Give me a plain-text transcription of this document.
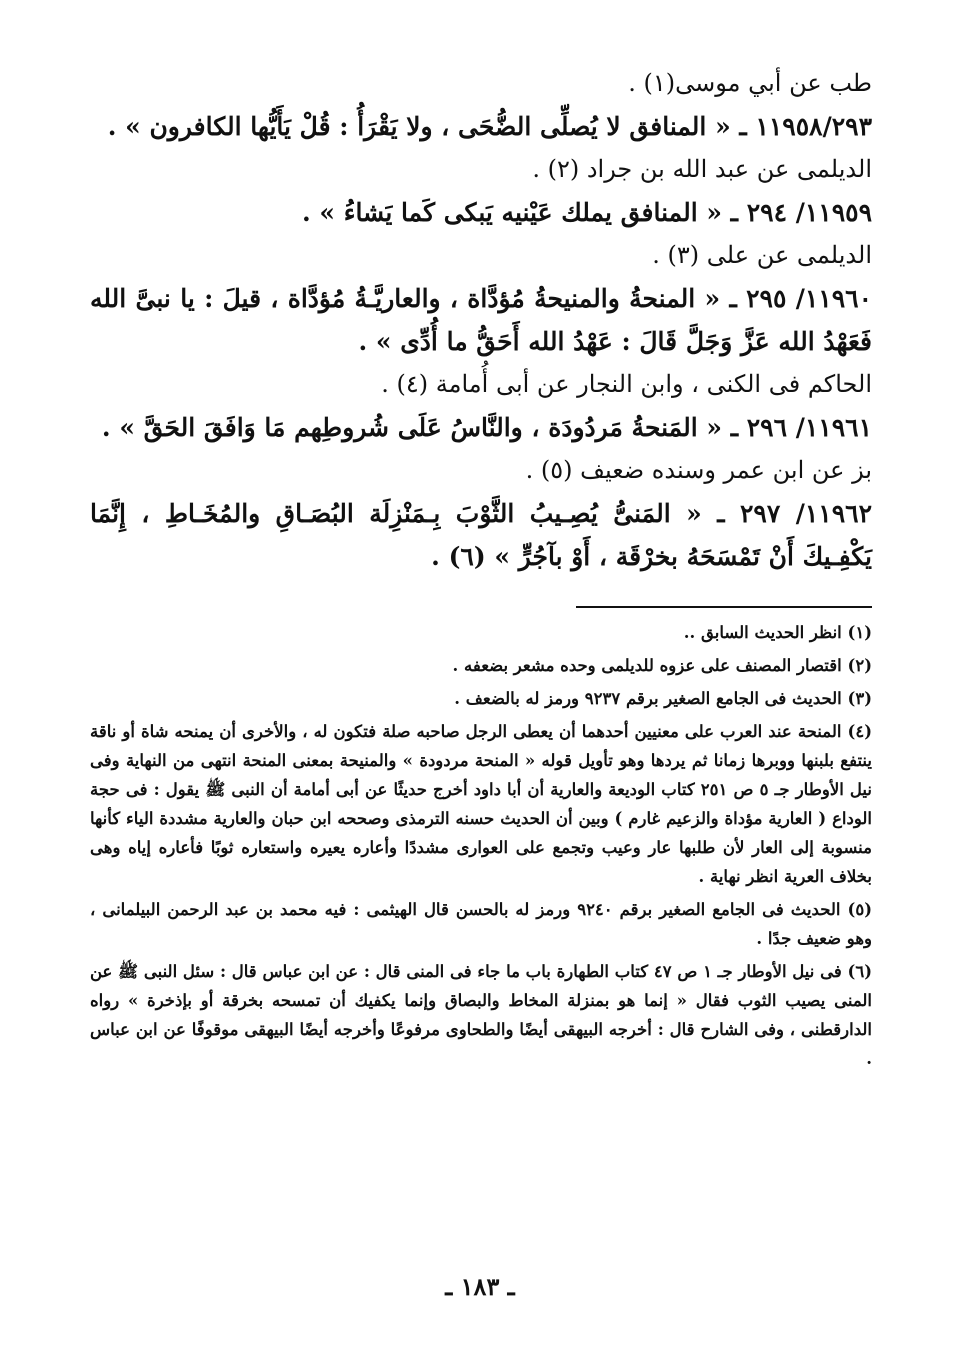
طب عن أبي موسى(١) .

١١٩٥٨/٢٩٣ ـ « المنافق لا يُصلِّى الضُّحَى ، ولا يَقْرَأُ : قُلْ يَأَيُّها الكافرون » .

الديلمى عن عبد الله بن جراد (٢) .

١١٩٥٩/ ٢٩٤ ـ « المنافق يملك عَيْنيه يَبكى كَما يَشاءُ » .

الديلمى عن على (٣) .

١١٩٦٠/ ٢٩٥ ـ « المنحةُ والمنيحةُ مُؤدَّاة ، والعاريَّـةُ مُؤدَّاة ، قيلَ : يا نبىَّ الله فَعَهْدُ الله عَزَّ وَجَلَّ قَالَ : عَهْدُ الله أَحَقُّ ما أُدِّى » .

الحاكم فى الكنى ، وابن النجار عن أبى أُمامة (٤) .

١١٩٦١/ ٢٩٦ ـ « المَنحةُ مَردُودَة ، والنَّاسُ عَلَى شُروطِهم مَا وَافَقَ الحَقَّ » .

بز عن ابن عمر وسنده ضعيف (٥) .

١١٩٦٢/ ٢٩٧ ـ « المَنىُّ يُصِـيبُ الثَّوْبَ بِـمَنْزِلَة البُصَـاقِ والمُخَـاطِ ، إِنَّمَا يَكْفِـيكَ أَنْ تَمْسَحَهُ بخرْقَة ، أَوْ بآجُرٍّ » (٦) .

(١) انظر الحديث السابق ..

(٢) اقتصار المصنف على عزوه للديلمى وحده مشعر بضعفه .

(٣) الحديث فى الجامع الصغير برقم ٩٢٣٧ ورمز له بالضعف .

(٤) المنحة عند العرب على معنيين أحدهما أن يعطى الرجل صاحبه صلة فتكون له ، والأخرى أن يمنحه شاة أو ناقة ينتفع بلبنها ووبرها زمانا ثم يردها وهو تأويل قوله « المنحة مردودة » والمنيحة بمعنى المنحة انتهى من النهاية وفى نيل الأوطار جـ ٥ ص ٢٥١ كتاب الوديعة والعارية أن أبا داود أخرج حديثًا عن أبى أمامة أن النبى ﷺ يقول : فى حجة الوداع ( العارية مؤداة والزعيم غارم ) وبين أن الحديث حسنه الترمذى وصححه ابن حبان والعارية مشددة الياء كأنها منسوبة إلى العار لأن طلبها عار وعيب وتجمع على العوارى مشددًا وأعاره يعيره واستعاره ثوبًا فأعاره إياه وهى بخلاف العرية انظر نهاية .

(٥) الحديث فى الجامع الصغير برقم ٩٢٤٠ ورمز له بالحسن قال الهيثمى : فيه محمد بن عبد الرحمن البيلمانى ، وهو ضعيف جدًا .

(٦) فى نيل الأوطار جـ ١ ص ٤٧ كتاب الطهارة باب ما جاء فى المنى قال : عن ابن عباس قال : سئل النبى ﷺ عن المنى يصيب الثوب فقال « إنما هو بمنزلة المخاط والبصاق وإنما يكفيك أن تمسحه بخرقة أو بإذخرة » رواه الدارقطنى ، وفى الشارح قال : أخرجه البيهقى أيضًا والطحاوى مرفوعًا وأخرجه أيضًا البيهقى موقوفًا عن ابن عباس .

ـ ١٨٣ ـ
